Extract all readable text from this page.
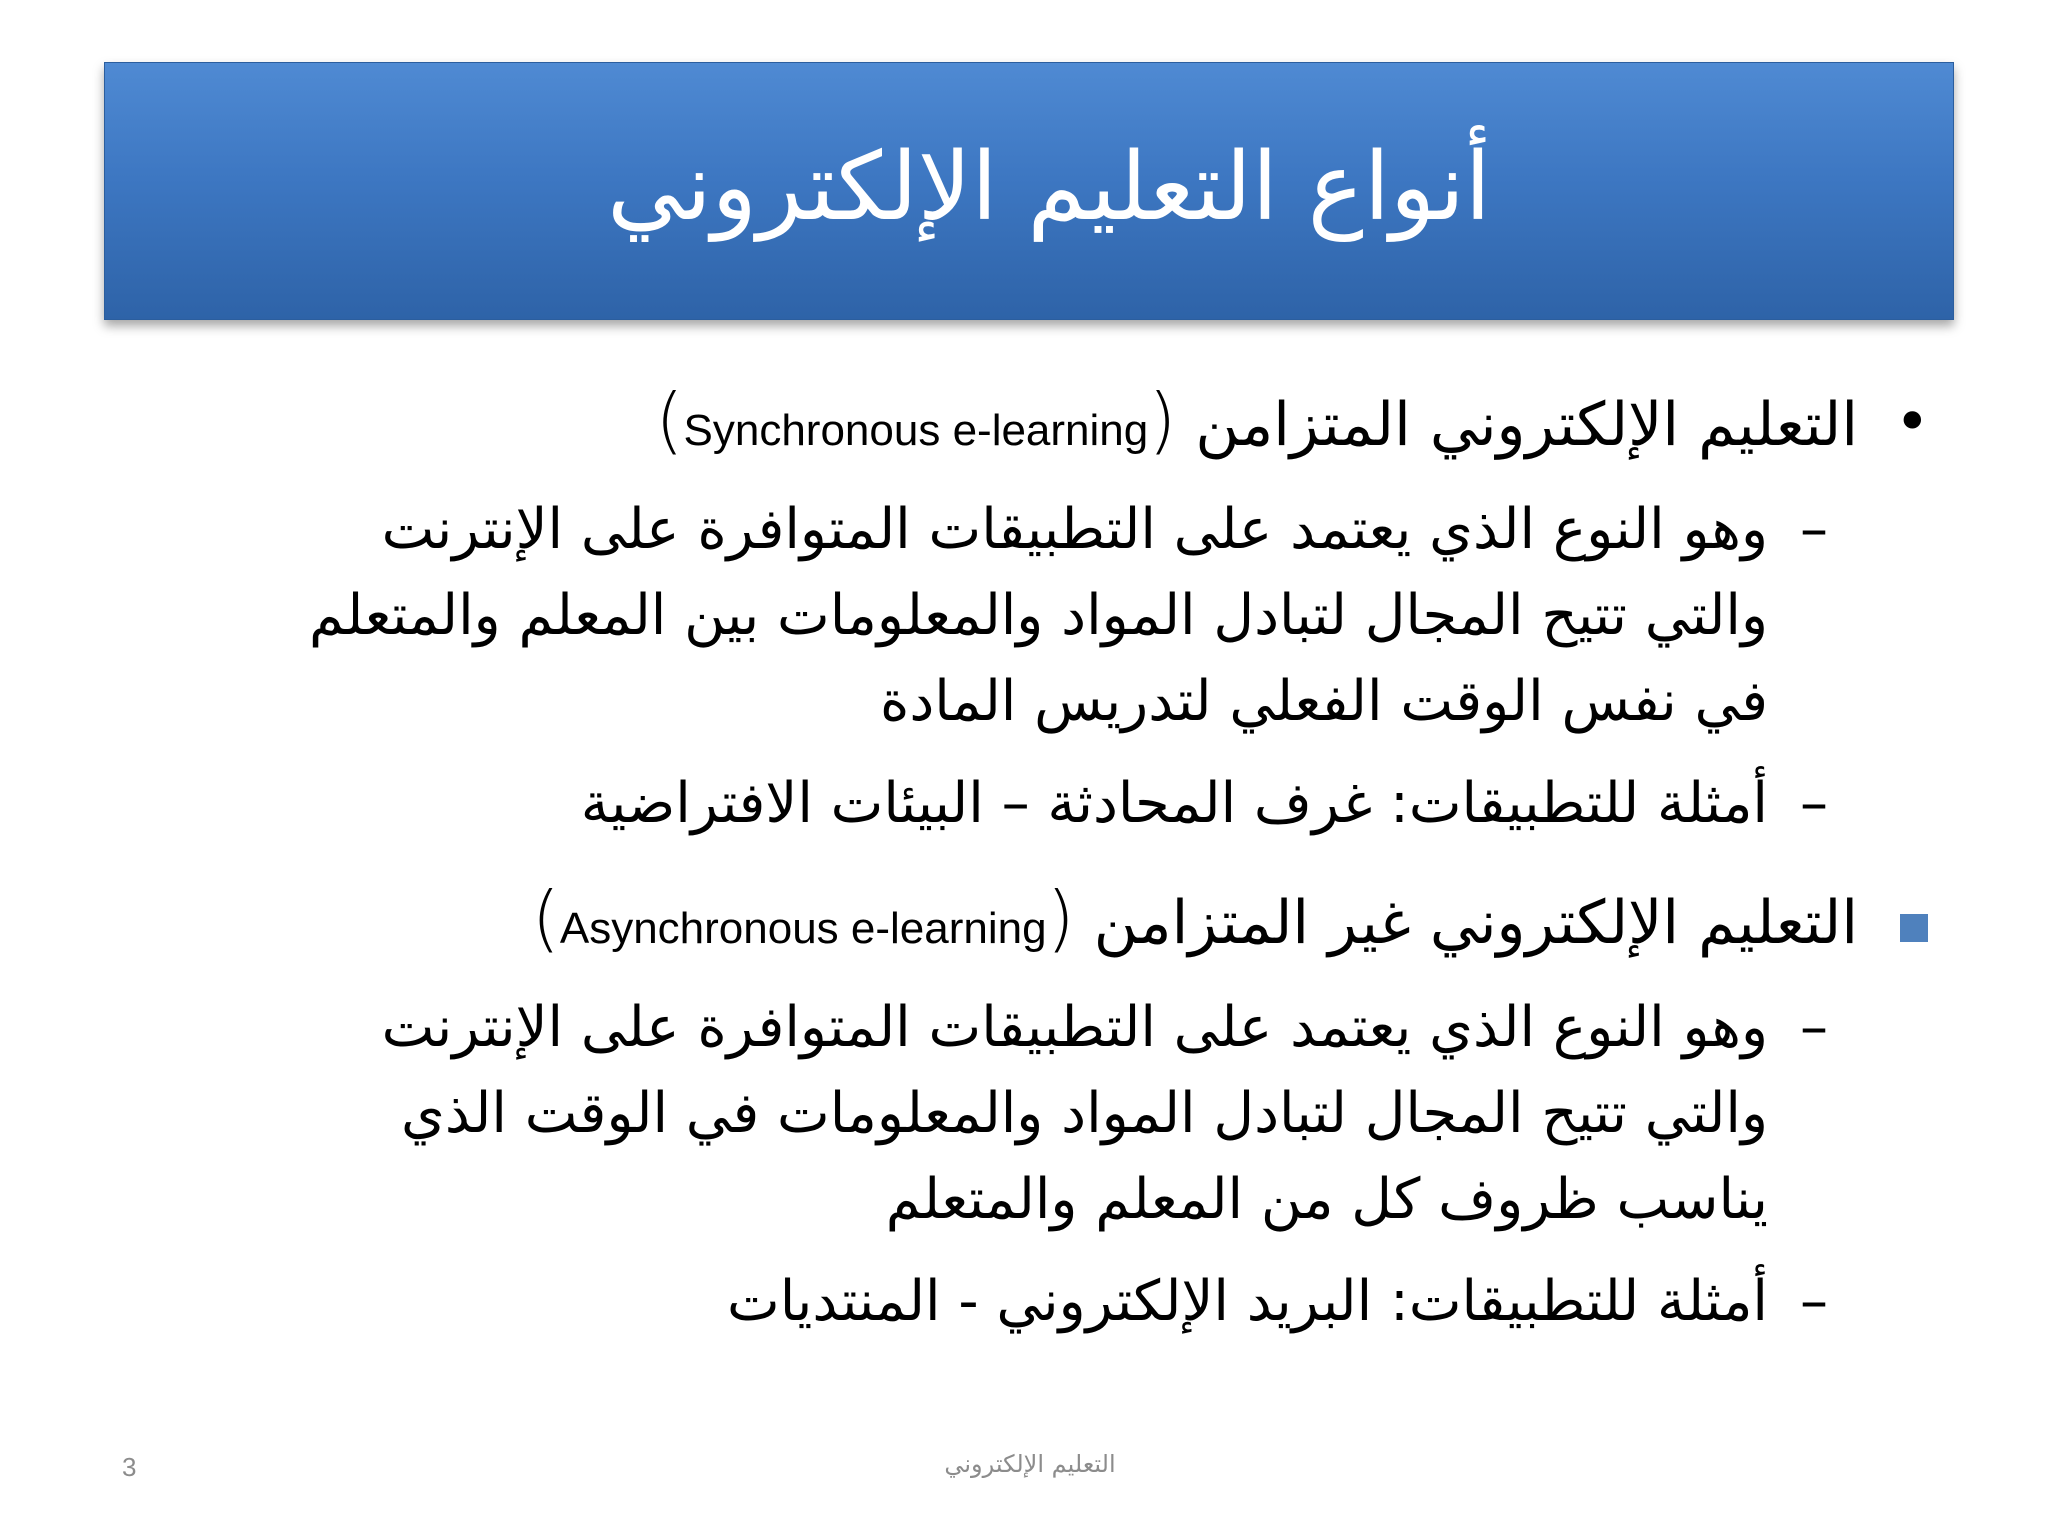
أنواع التعليم الإلكتروني
•
التعليم الإلكتروني المتزامن (Synchronous e-learning)
–
وهو النوع الذي يعتمد على التطبيقات المتوافرة على الإنترنت
والتي تتيح المجال لتبادل المواد والمعلومات بين المعلم والمتعلم
في نفس الوقت الفعلي لتدريس المادة
–
أمثلة للتطبيقات: غرف المحادثة – البيئات الافتراضية
التعليم الإلكتروني غير المتزامن (Asynchronous e-learning)
–
وهو النوع الذي يعتمد على التطبيقات المتوافرة على الإنترنت
والتي تتيح المجال لتبادل المواد والمعلومات في الوقت الذي
يناسب ظروف كل من المعلم والمتعلم
–
أمثلة للتطبيقات: البريد الإلكتروني - المنتديات
3	التعليم الإلكتروني
